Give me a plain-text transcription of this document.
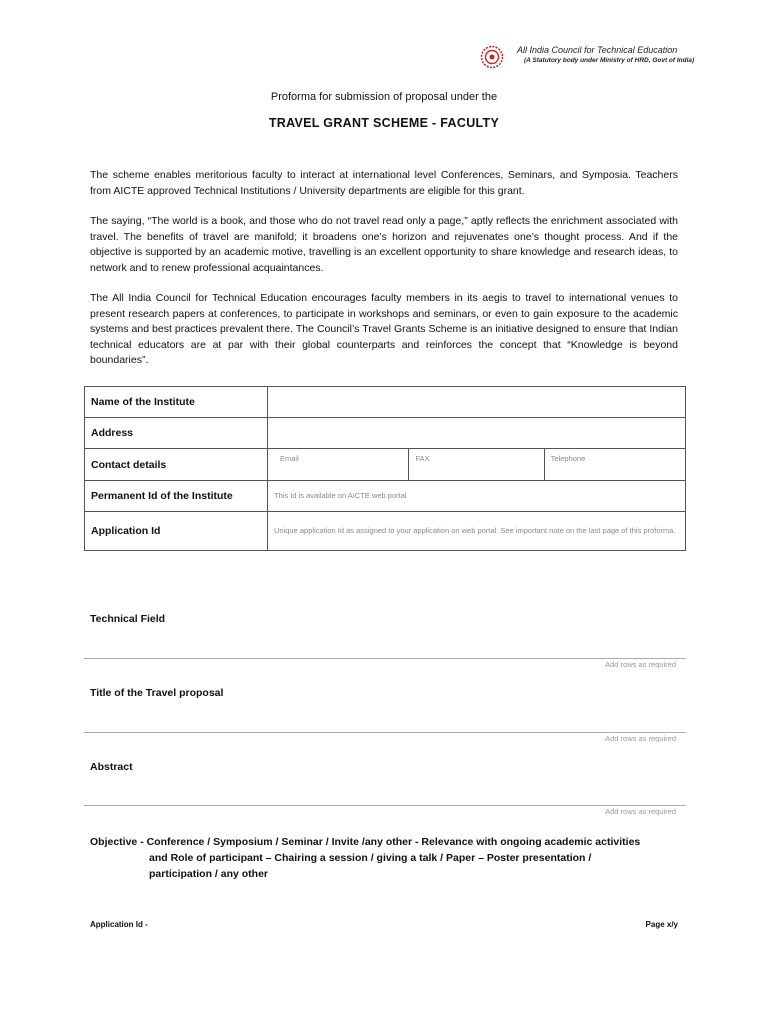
All India Council for Technical Education
(A Statutory body under Ministry of HRD, Govt of India)
Proforma for submission of proposal under the
TRAVEL GRANT SCHEME - FACULTY
The scheme enables meritorious faculty to interact at international level Conferences, Seminars, and Symposia. Teachers from AICTE approved Technical Institutions / University departments are eligible for this grant.
The saying, “The world is a book, and those who do not travel read only a page,” aptly reflects the enrichment associated with travel. The benefits of travel are manifold; it broadens one’s horizon and rejuvenates one’s thought process. And if the objective is supported by an academic motive, travelling is an excellent opportunity to share knowledge and research ideas, to network and to renew professional acquaintances.
The All India Council for Technical Education encourages faculty members in its aegis to travel to international venues to present research papers at conferences, to participate in workshops and seminars, or even to gain exposure to the academic systems and best practices prevalent there. The Council’s Travel Grants Scheme is an initiative designed to ensure that Indian technical educators are at par with their global counterparts and reinforces the concept that “Knowledge is beyond boundaries”.
Name of the Institute	
Address	
Contact details	Email FAX Telephone

Permanent Id of the Institute	This Id is available on AICTE web portal
Application Id	Unique application Id as assigned to your application on web portal. See important note on the last page of this proforma.
Technical Field
Add rows as required
Title of the Travel proposal
Add rows as required
Abstract
Add rows as required
Objective - Conference / Symposium / Seminar / Invite /any other - Relevance with ongoing academic activities
and Role of participant – Chairing a session / giving a talk / Paper – Poster presentation /
participation / any other
Application Id -	Page x/y
